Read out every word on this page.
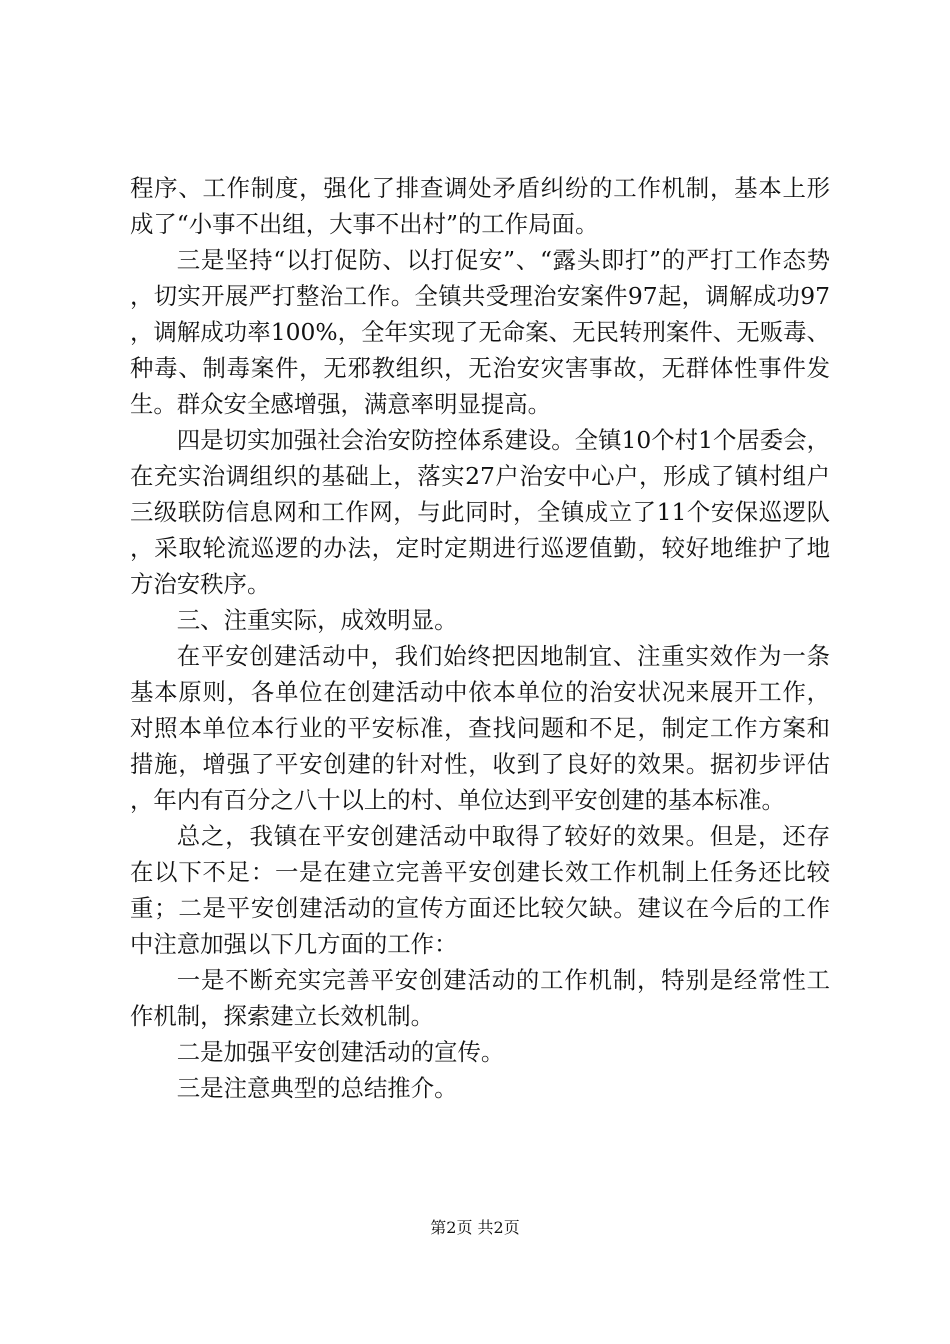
程序、工作制度，强化了排查调处矛盾纠纷的工作机制，基本上形成了“小事不出组，大事不出村”的工作局面。

三是坚持“以打促防、以打促安”、“露头即打”的严打工作态势，切实开展严打整治工作。全镇共受理治安案件97起，调解成功97，调解成功率100%，全年实现了无命案、无民转刑案件、无贩毒、种毒、制毒案件，无邪教组织，无治安灾害事故，无群体性事件发生。群众安全感增强，满意率明显提高。

四是切实加强社会治安防控体系建设。全镇10个村1个居委会，在充实治调组织的基础上，落实27户治安中心户，形成了镇村组户三级联防信息网和工作网，与此同时，全镇成立了11个安保巡逻队，采取轮流巡逻的办法，定时定期进行巡逻值勤，较好地维护了地方治安秩序。

三、注重实际，成效明显。

在平安创建活动中，我们始终把因地制宜、注重实效作为一条基本原则，各单位在创建活动中依本单位的治安状况来展开工作，对照本单位本行业的平安标准，查找问题和不足，制定工作方案和措施，增强了平安创建的针对性，收到了良好的效果。据初步评估，年内有百分之八十以上的村、单位达到平安创建的基本标准。

总之，我镇在平安创建活动中取得了较好的效果。但是，还存在以下不足：一是在建立完善平安创建长效工作机制上任务还比较重；二是平安创建活动的宣传方面还比较欠缺。建议在今后的工作中注意加强以下几方面的工作：

一是不断充实完善平安创建活动的工作机制，特别是经常性工作机制，探索建立长效机制。

二是加强平安创建活动的宣传。

三是注意典型的总结推介。

第2页 共2页
